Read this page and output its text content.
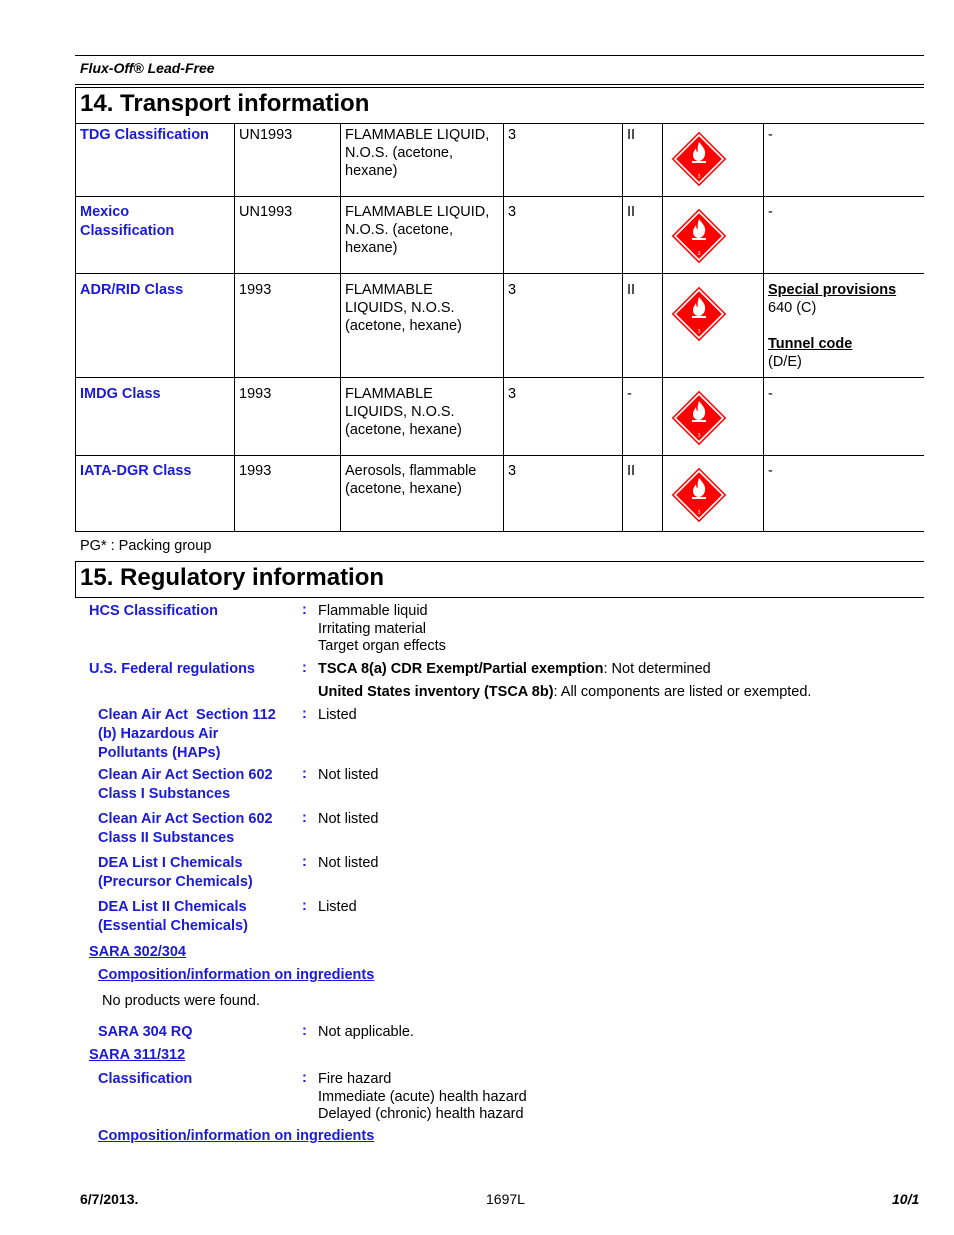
Flux-Off® Lead-Free
14. Transport information
TDG Classification UN1993	FLAMMABLE LIQUID,
N.O.S. (acetone,
hexane)
3	II	-
Mexico
Classification
UN1993	FLAMMABLE LIQUID,
N.O.S. (acetone,
hexane)
3	II	-
ADR/RID Class	1993	FLAMMABLE
LIQUIDS, N.O.S.
(acetone, hexane)
3	II	Special provisions
640 (C)
Tunnel code
(D/E)
IMDG Class	1993	FLAMMABLE
LIQUIDS, N.O.S.
(acetone, hexane)
3	-	-
IATA-DGR Class	1993	Aerosols, flammable
(acetone, hexane)
3	II	-
3
PG* : Packing group
15. Regulatory information
HCS Classification	: Flammable liquid
Irritating material
Target organ effects
U.S. Federal regulations	: TSCA 8(a) CDR Exempt/Partial exemption: Not determined
United States inventory (TSCA 8b): All components are listed or exempted.
Clean Air Act  Section 112
(b) Hazardous Air
Pollutants (HAPs)
: Listed
Clean Air Act Section 602
Class I Substances
: Not listed
Clean Air Act Section 602
Class II Substances
: Not listed
DEA List I Chemicals
(Precursor Chemicals)
: Not listed
DEA List II Chemicals
(Essential Chemicals)
: Listed
SARA 302/304
Composition/information on ingredients
No products were found.
SARA 304 RQ	: Not applicable.
SARA 311/312
Classification	: Fire hazard
Immediate (acute) health hazard
Delayed (chronic) health hazard
Composition/information on ingredients
6/7/2013.	1697L	10/1
